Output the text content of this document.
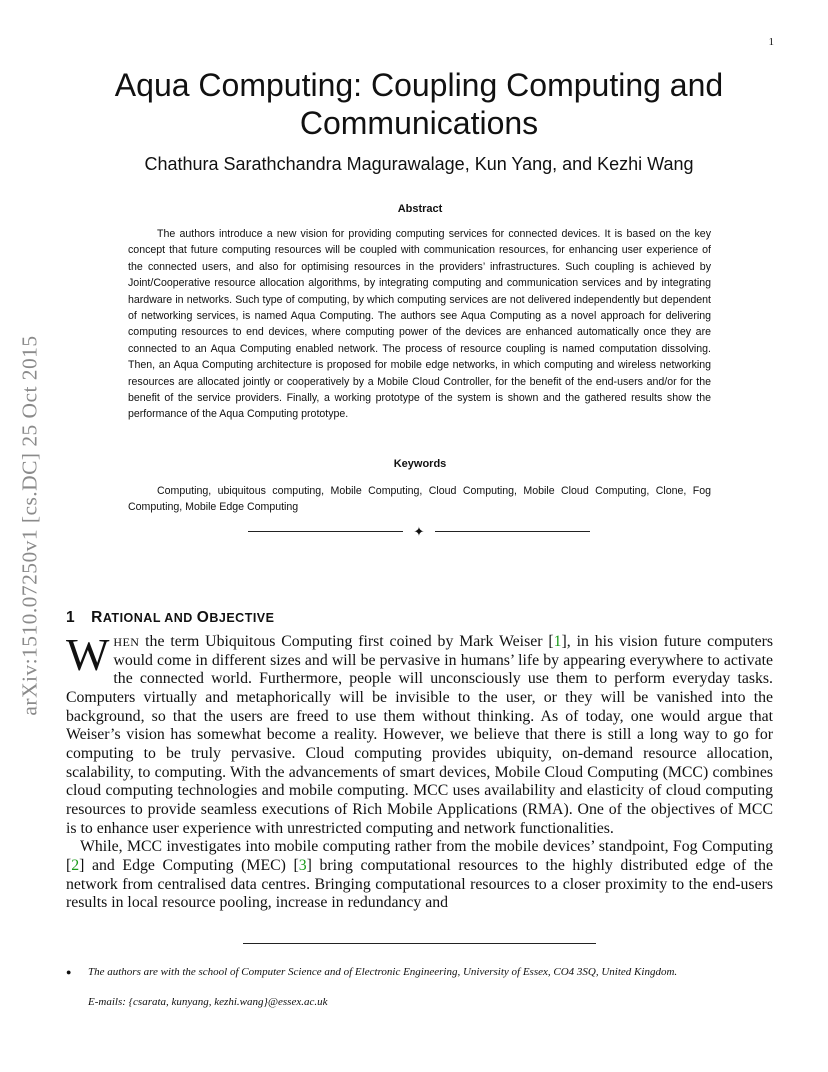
1
arXiv:1510.07250v1 [cs.DC] 25 Oct 2015
Aqua Computing: Coupling Computing and
Communications
Chathura Sarathchandra Magurawalage, Kun Yang, and Kezhi Wang
Abstract

The authors introduce a new vision for providing computing services for connected devices. It is based on the key concept that future computing resources will be coupled with communication resources, for enhancing user experience of the connected users, and also for optimising resources in the providers’ infrastructures. Such coupling is achieved by Joint/Cooperative resource allocation algorithms, by integrating computing and communication services and by integrating hardware in networks. Such type of computing, by which computing services are not delivered independently but dependent of networking services, is named Aqua Computing. The authors see Aqua Computing as a novel approach for delivering computing resources to end devices, where computing power of the devices are enhanced automatically once they are connected to an Aqua Computing enabled network. The process of resource coupling is named computation dissolving. Then, an Aqua Computing architecture is proposed for mobile edge networks, in which computing and wireless networking resources are allocated jointly or cooperatively by a Mobile Cloud Controller, for the benefit of the end-users and/or for the benefit of the service providers. Finally, a working prototype of the system is shown and the gathered results show the performance of the Aqua Computing prototype.

Keywords

Computing, ubiquitous computing, Mobile Computing, Cloud Computing, Mobile Cloud Computing, Clone, Fog Computing, Mobile Edge Computing

✦
1 RATIONAL AND OBJECTIVE

WHEN the term Ubiquitous Computing first coined by Mark Weiser [1], in his vision future computers would come in different sizes and will be pervasive in humans’ life by appearing everywhere to activate the connected world. Furthermore, people will unconsciously use them to perform everyday tasks. Computers virtually and metaphorically will be invisible to the user, or they will be vanished into the background, so that the users are freed to use them without thinking. As of today, one would argue that Weiser’s vision has somewhat become a reality. However, we believe that there is still a long way to go for computing to be truly pervasive. Cloud computing provides ubiquity, on-demand resource allocation, scalability, to computing. With the advancements of smart devices, Mobile Cloud Computing (MCC) combines cloud computing technologies and mobile computing. MCC uses availability and elasticity of cloud computing resources to provide seamless executions of Rich Mobile Applications (RMA). One of the objectives of MCC is to enhance user experience with unrestricted computing and network functionalities.

While, MCC investigates into mobile computing rather from the mobile devices’ standpoint, Fog Computing [2] and Edge Computing (MEC) [3] bring computational resources to the highly distributed edge of the network from centralised data centres. Bringing computational resources to a closer proximity to the end-users results in local resource pooling, increase in redundancy and

● The authors are with the school of Computer Science and of Electronic Engineering, University of Essex, CO4 3SQ, United Kingdom.
E-mails: {csarata, kunyang, kezhi.wang}@essex.ac.uk
